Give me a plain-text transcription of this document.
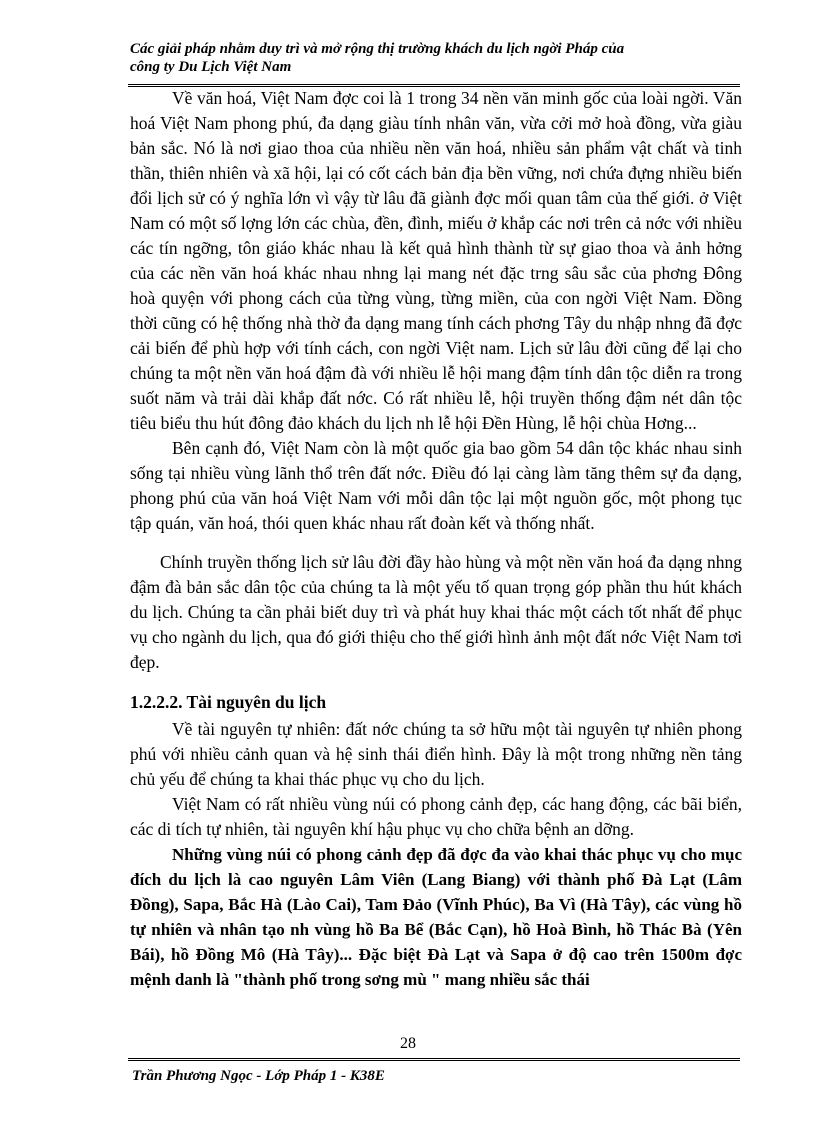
Các giải pháp nhằm duy trì và mở rộng thị trường khách du lịch ngời Pháp của
công ty Du Lịch Việt Nam

Về văn hoá, Việt Nam đợc coi là 1 trong 34 nền văn minh gốc của loài ngời. Văn hoá Việt Nam phong phú, đa dạng giàu tính nhân văn, vừa cởi mở hoà đồng, vừa giàu bản sắc. Nó là nơi giao thoa của nhiều nền văn hoá, nhiều sản phẩm vật chất và tinh thần, thiên nhiên và xã hội, lại có cốt cách bản địa bền vững, nơi chứa đựng nhiều biến đổi lịch sử có ý nghĩa lớn vì vậy từ lâu đã giành đợc mối quan tâm của thế giới. ở Việt Nam có một số lợng lớn các chùa, đền, đình, miếu ở khắp các nơi trên cả nớc với nhiều các tín ngỡng, tôn giáo khác nhau là kết quả hình thành từ sự giao thoa và ảnh hởng của các nền văn hoá khác nhau nhng lại mang nét đặc trng sâu sắc của phơng Đông hoà quyện với phong cách của từng vùng, từng miền, của con ngời Việt Nam. Đồng thời cũng có hệ thống nhà thờ đa dạng mang tính cách phơng Tây du nhập nhng đã đợc cải biến để phù hợp với tính cách, con ngời Việt nam. Lịch sử lâu đời cũng để lại cho chúng ta một nền văn hoá đậm đà với nhiều lễ hội mang đậm tính dân tộc diễn ra trong suốt năm và trải dài khắp đất nớc. Có rất nhiều lễ, hội truyền thống đậm nét dân tộc tiêu biểu thu hút đông đảo khách du lịch nh lễ hội Đền Hùng, lễ hội chùa Hơng...

Bên cạnh đó, Việt Nam còn là một quốc gia bao gồm 54 dân tộc khác nhau sinh sống tại nhiều vùng lãnh thổ trên đất nớc. Điều đó lại càng làm tăng thêm sự đa dạng, phong phú của văn hoá Việt Nam với mỗi dân tộc lại một nguồn gốc, một phong tục tập quán, văn hoá, thói quen khác nhau rất đoàn kết và thống nhất.

Chính truyền thống lịch sử lâu đời đầy hào hùng và một nền văn hoá đa dạng nhng đậm đà bản sắc dân tộc của chúng ta là một yếu tố quan trọng góp phần thu hút khách du lịch. Chúng ta cần phải biết duy trì và phát huy khai thác một cách tốt nhất để phục vụ cho ngành du lịch, qua đó giới thiệu cho thế giới hình ảnh một đất nớc Việt Nam tơi đẹp.

1.2.2.2. Tài nguyên du lịch

Về tài nguyên tự nhiên: đất nớc chúng ta sở hữu một tài nguyên tự nhiên phong phú với nhiều cảnh quan và hệ sinh thái điển hình. Đây là một trong những nền tảng chủ yếu để chúng ta khai thác phục vụ cho du lịch.

Việt Nam có rất nhiều vùng núi có phong cảnh đẹp, các hang động, các bãi biển, các di tích tự nhiên, tài nguyên khí hậu phục vụ cho chữa bệnh an dỡng.

Những vùng núi có phong cảnh đẹp đã đợc đa vào khai thác phục vụ cho mục đích du lịch là cao nguyên Lâm Viên (Lang Biang) với thành phố Đà Lạt (Lâm Đồng), Sapa, Bắc Hà (Lào Cai), Tam Đảo (Vĩnh Phúc), Ba Vì (Hà Tây), các vùng hồ tự nhiên và nhân tạo nh vùng hồ Ba Bể (Bắc Cạn), hồ Hoà Bình, hồ Thác Bà (Yên Bái), hồ Đồng Mô (Hà Tây)... Đặc biệt Đà Lạt và Sapa ở độ cao trên 1500m đợc mệnh danh là "thành phố trong sơng mù " mang nhiều sắc thái

28
Trần Phương Ngọc - Lớp Pháp 1 - K38E
